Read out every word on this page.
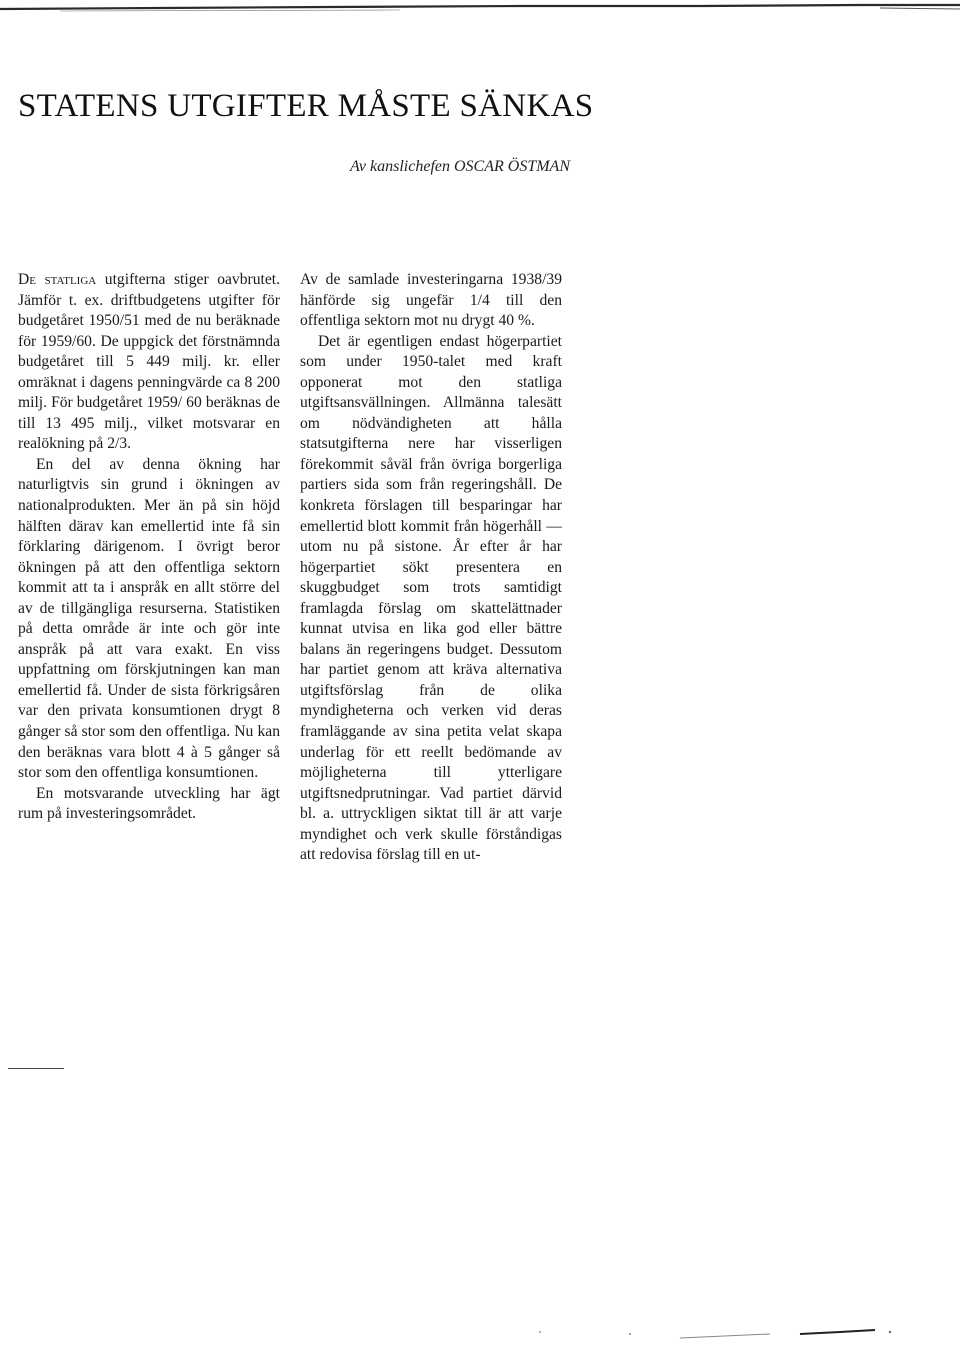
STATENS UTGIFTER MÅSTE SÄNKAS
Av kanslichefen OSCAR ÖSTMAN

De statliga utgifterna stiger oavbrutet. Jämför t. ex. driftbudgetens utgifter för budgetåret 1950/51 med de nu beräknade för 1959/60. De uppgick det förstnämnda budgetåret till 5 449 milj. kr. eller omräknat i dagens penningvärde ca 8 200 milj. För budgetåret 1959/ 60 beräknas de till 13 495 milj., vilket motsvarar en realökning på 2/3.

En del av denna ökning har naturligtvis sin grund i ökningen av nationalprodukten. Mer än på sin höjd hälften därav kan emellertid inte få sin förklaring därigenom. I övrigt beror ökningen på att den offentliga sektorn kommit att ta i anspråk en allt större del av de tillgängliga resurserna. Statistiken på detta område är inte och gör inte anspråk på att vara exakt. En viss uppfattning om förskjutningen kan man emellertid få. Under de sista förkrigsåren var den privata konsumtionen drygt 8 gånger så stor som den offentliga. Nu kan den beräknas vara blott 4 à 5 gånger så stor som den offentliga konsumtionen.

En motsvarande utveckling har ägt rum på investeringsområdet.

Av de samlade investeringarna 1938/39 hänförde sig ungefär 1/4 till den offentliga sektorn mot nu drygt 40 %.

Det är egentligen endast högerpartiet som under 1950-talet med kraft opponerat mot den statliga utgiftsansvällningen. Allmänna talesätt om nödvändigheten att hålla statsutgifterna nere har visserligen förekommit såväl från övriga borgerliga partiers sida som från regeringshåll. De konkreta förslagen till besparingar har emellertid blott kommit från högerhåll — utom nu på sistone. År efter år har högerpartiet sökt presentera en skuggbudget som trots samtidigt framlagda förslag om skattelättnader kunnat utvisa en lika god eller bättre balans än regeringens budget. Dessutom har partiet genom att kräva alternativa utgiftsförslag från de olika myndigheterna och verken vid deras framläggande av sina petita velat skapa underlag för ett reellt bedömande av möjligheterna till ytterligare utgiftsnedprutningar. Vad partiet därvid bl. a. uttryckligen siktat till är att varje myndighet och verk skulle förståndigas att redovisa förslag till en ut-
